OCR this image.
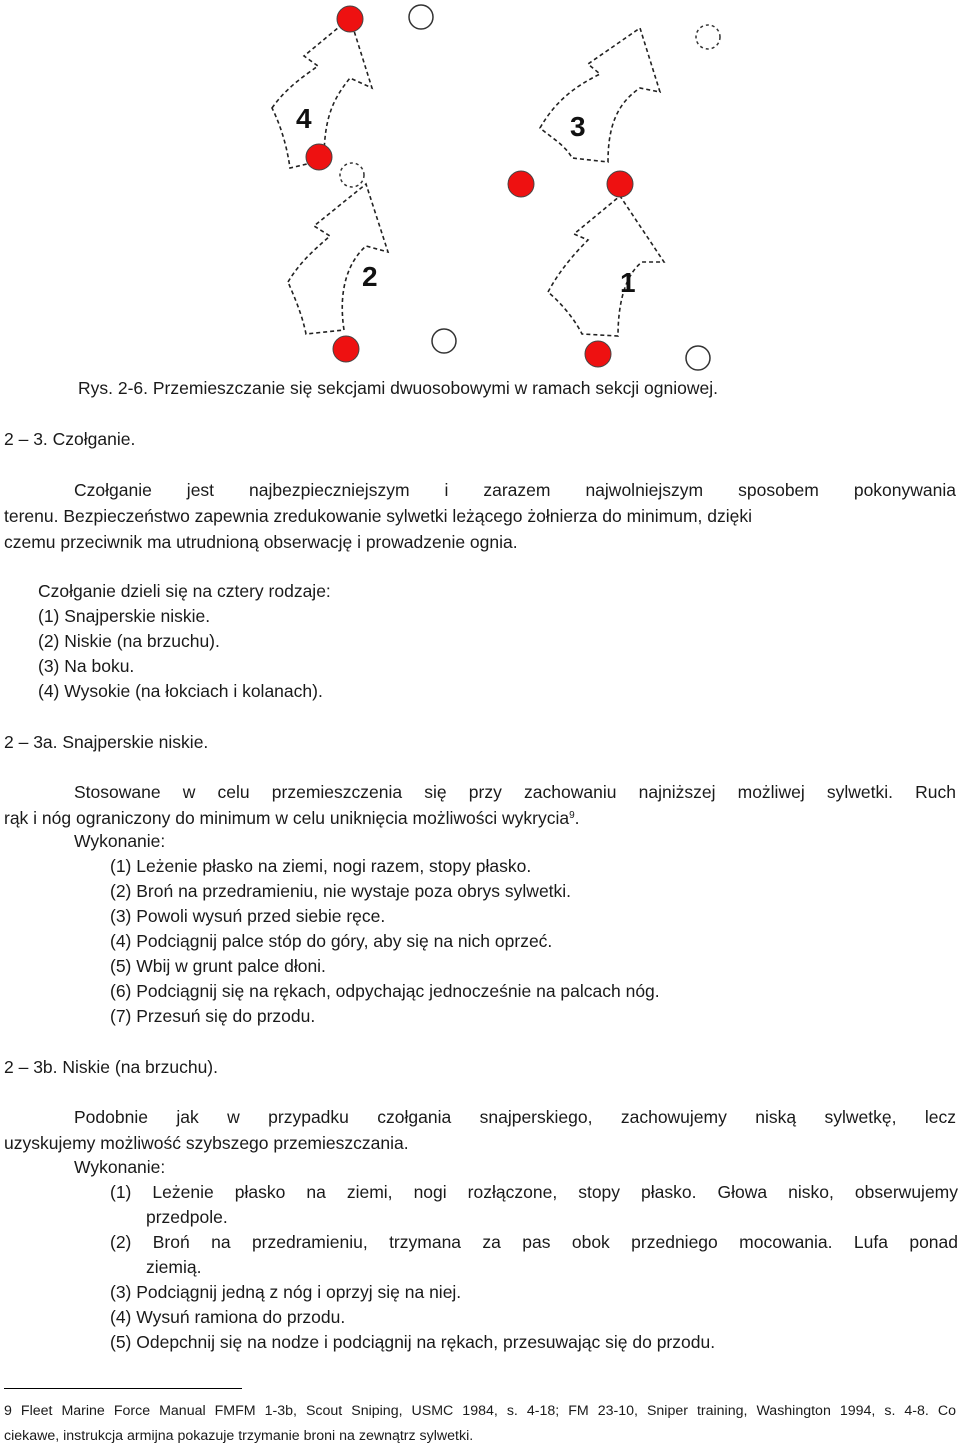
4	3
2	1

Rys. 2-6. Przemieszczanie się sekcjami dwuosobowymi w ramach sekcji ogniowej.

2 – 3. Czołganie.

Czołganie jest najbezpieczniejszym i zarazem najwolniejszym sposobem pokonywania
terenu. Bezpieczeństwo zapewnia zredukowanie sylwetki leżącego żołnierza do minimum, dzięki
czemu przeciwnik ma utrudnioną obserwację i prowadzenie ognia.

Czołganie dzieli się na cztery rodzaje:

(1) Snajperskie niskie.

(2) Niskie (na brzuchu).

(3) Na boku.

(4) Wysokie (na łokciach i kolanach).

2 – 3a. Snajperskie niskie.

Stosowane w celu przemieszczenia się przy zachowaniu najniższej możliwej sylwetki. Ruch
rąk i nóg ograniczony do minimum w celu uniknięcia możliwości wykrycia$^9$.

Wykonanie:

(1) Leżenie płasko na ziemi, nogi razem, stopy płasko.

(2) Broń na przedramieniu, nie wystaje poza obrys sylwetki.

(3) Powoli wysuń przed siebie ręce.

(4) Podciągnij palce stóp do góry, aby się na nich oprzeć.

(5) Wbij w grunt palce dłoni.

(6) Podciągnij się na rękach, odpychając jednocześnie na palcach nóg.

(7) Przesuń się do przodu.

2 – 3b. Niskie (na brzuchu).

Podobnie jak w przypadku czołgania snajperskiego, zachowujemy niską sylwetkę, lecz
uzyskujemy możliwość szybszego przemieszczania.

Wykonanie:

(1) Leżenie płasko na ziemi, nogi rozłączone, stopy płasko. Głowa nisko, obserwujemy

przedpole.

(2) Broń na przedramieniu, trzymana za pas obok przedniego mocowania. Lufa ponad

ziemią.

(3) Podciągnij jedną z nóg i oprzyj się na niej.

(4) Wysuń ramiona do przodu.

(5) Odepchnij się na nodze i podciągnij na rękach, przesuwając się do przodu.

9 Fleet Marine Force Manual FMFM 1-3b, Scout Sniping, USMC 1984, s. 4-18; FM 23-10, Sniper training, Washington 1994, s. 4-8. Co

ciekawe, instrukcja armijna pokazuje trzymanie broni na zewnątrz sylwetki.
